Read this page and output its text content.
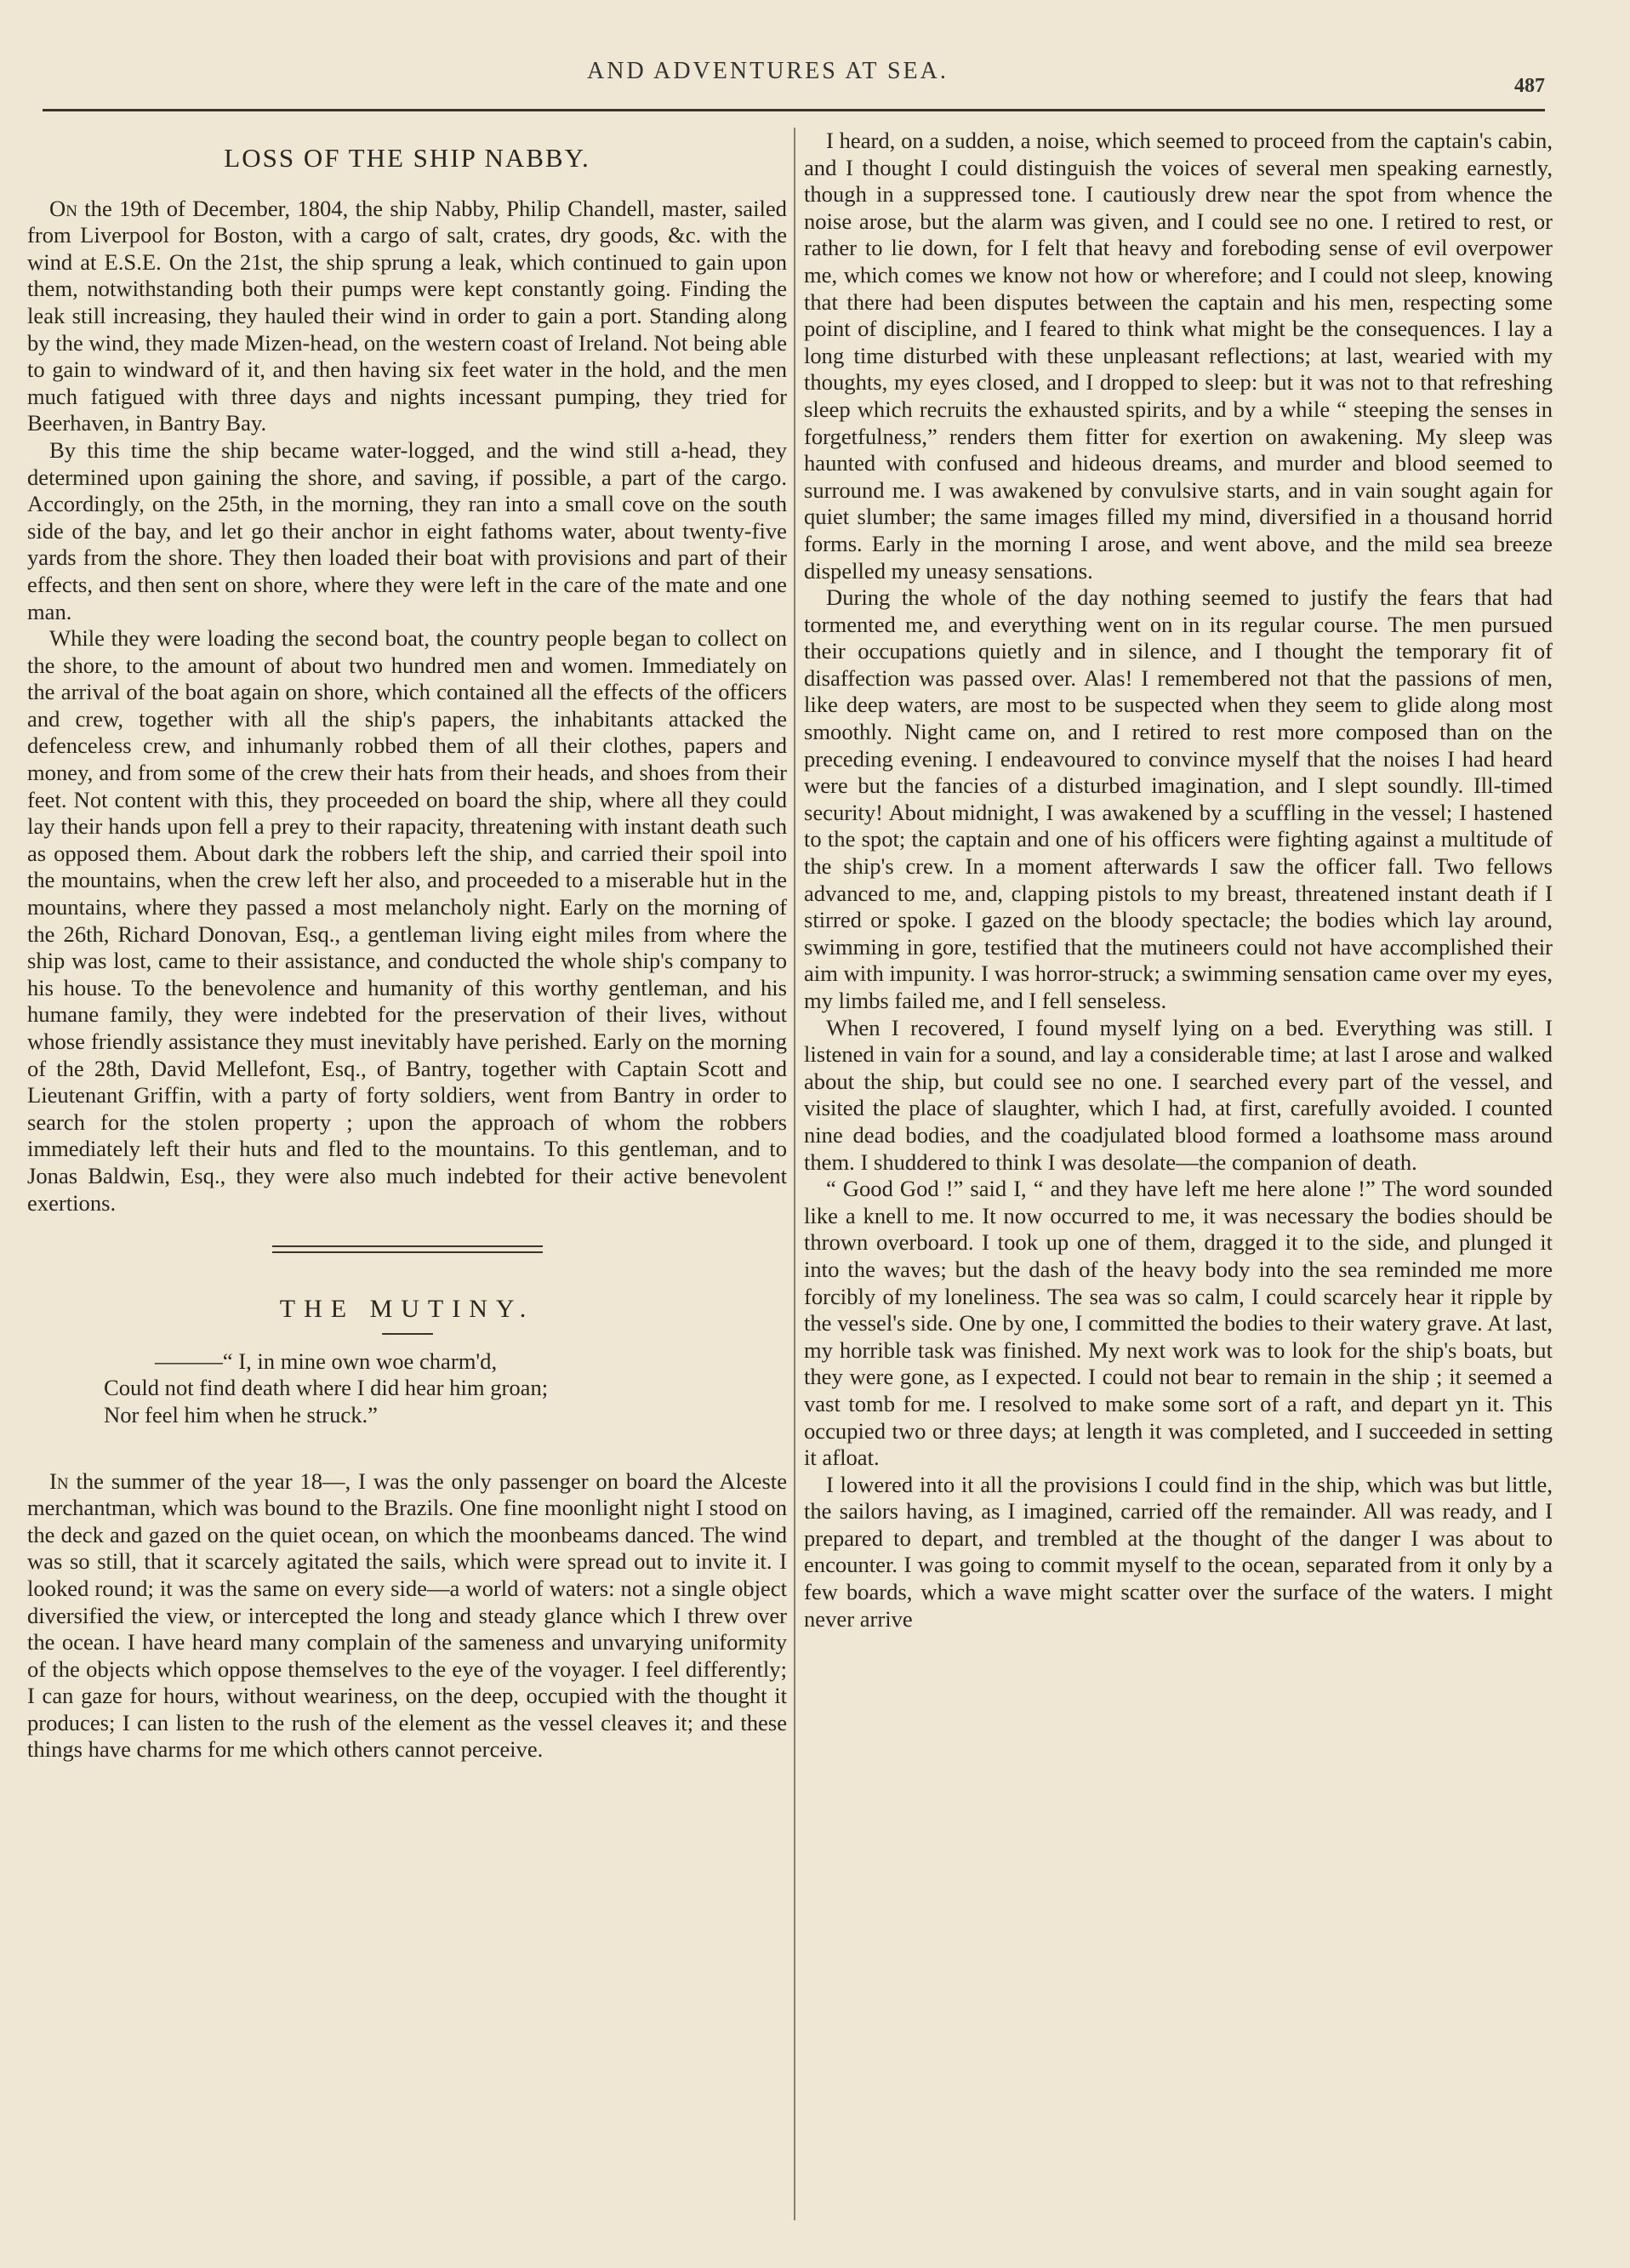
AND ADVENTURES AT SEA.
487
LOSS OF THE SHIP NABBY.

On the 19th of December, 1804, the ship Nabby, Philip Chandell, master, sailed from Liverpool for Boston, with a cargo of salt, crates, dry goods, &c. with the wind at E.S.E. On the 21st, the ship sprung a leak, which continued to gain upon them, notwithstanding both their pumps were kept constantly going. Finding the leak still increasing, they hauled their wind in order to gain a port. Standing along by the wind, they made Mizen-head, on the western coast of Ireland. Not being able to gain to windward of it, and then having six feet water in the hold, and the men much fatigued with three days and nights incessant pumping, they tried for Beerhaven, in Bantry Bay.

By this time the ship became water-logged, and the wind still a-head, they determined upon gaining the shore, and saving, if possible, a part of the cargo. Accordingly, on the 25th, in the morning, they ran into a small cove on the south side of the bay, and let go their anchor in eight fathoms water, about twenty-five yards from the shore. They then loaded their boat with provisions and part of their effects, and then sent on shore, where they were left in the care of the mate and one man.

While they were loading the second boat, the country people began to collect on the shore, to the amount of about two hundred men and women. Immediately on the arrival of the boat again on shore, which contained all the effects of the officers and crew, together with all the ship's papers, the inhabitants attacked the defenceless crew, and inhumanly robbed them of all their clothes, papers and money, and from some of the crew their hats from their heads, and shoes from their feet. Not content with this, they proceeded on board the ship, where all they could lay their hands upon fell a prey to their rapacity, threatening with instant death such as opposed them. About dark the robbers left the ship, and carried their spoil into the mountains, when the crew left her also, and proceeded to a miserable hut in the mountains, where they passed a most melancholy night. Early on the morning of the 26th, Richard Donovan, Esq., a gentleman living eight miles from where the ship was lost, came to their assistance, and conducted the whole ship's company to his house. To the benevolence and humanity of this worthy gentleman, and his humane family, they were indebted for the preservation of their lives, without whose friendly assistance they must inevitably have perished. Early on the morning of the 28th, David Mellefont, Esq., of Bantry, together with Captain Scott and Lieutenant Griffin, with a party of forty soldiers, went from Bantry in order to search for the stolen property ; upon the approach of whom the robbers immediately left their huts and fled to the mountains. To this gentleman, and to Jonas Baldwin, Esq., they were also much indebted for their active benevolent exertions.

THE MUTINY.
———“ I, in mine own woe charm'd,
Could not find death where I did hear him groan;
Nor feel him when he struck.”

In the summer of the year 18—, I was the only passenger on board the Alceste merchantman, which was bound to the Brazils. One fine moonlight night I stood on the deck and gazed on the quiet ocean, on which the moonbeams danced. The wind was so still, that it scarcely agitated the sails, which were spread out to invite it. I looked round; it was the same on every side—a world of waters: not a single object diversified the view, or intercepted the long and steady glance which I threw over the ocean. I have heard many complain of the sameness and unvarying uniformity of the objects which oppose themselves to the eye of the voyager. I feel differently; I can gaze for hours, without weariness, on the deep, occupied with the thought it produces; I can listen to the rush of the element as the vessel cleaves it; and these things have charms for me which others cannot perceive.

I heard, on a sudden, a noise, which seemed to proceed from the captain's cabin, and I thought I could distinguish the voices of several men speaking earnestly, though in a suppressed tone. I cautiously drew near the spot from whence the noise arose, but the alarm was given, and I could see no one. I retired to rest, or rather to lie down, for I felt that heavy and foreboding sense of evil overpower me, which comes we know not how or wherefore; and I could not sleep, knowing that there had been disputes between the captain and his men, respecting some point of discipline, and I feared to think what might be the consequences. I lay a long time disturbed with these unpleasant reflections; at last, wearied with my thoughts, my eyes closed, and I dropped to sleep: but it was not to that refreshing sleep which recruits the exhausted spirits, and by a while “ steeping the senses in forgetfulness,” renders them fitter for exertion on awakening. My sleep was haunted with confused and hideous dreams, and murder and blood seemed to surround me. I was awakened by convulsive starts, and in vain sought again for quiet slumber; the same images filled my mind, diversified in a thousand horrid forms. Early in the morning I arose, and went above, and the mild sea breeze dispelled my uneasy sensations.

During the whole of the day nothing seemed to justify the fears that had tormented me, and everything went on in its regular course. The men pursued their occupations quietly and in silence, and I thought the temporary fit of disaffection was passed over. Alas! I remembered not that the passions of men, like deep waters, are most to be suspected when they seem to glide along most smoothly. Night came on, and I retired to rest more composed than on the preceding evening. I endeavoured to convince myself that the noises I had heard were but the fancies of a disturbed imagination, and I slept soundly. Ill-timed security! About midnight, I was awakened by a scuffling in the vessel; I hastened to the spot; the captain and one of his officers were fighting against a multitude of the ship's crew. In a moment afterwards I saw the officer fall. Two fellows advanced to me, and, clapping pistols to my breast, threatened instant death if I stirred or spoke. I gazed on the bloody spectacle; the bodies which lay around, swimming in gore, testified that the mutineers could not have accomplished their aim with impunity. I was horror-struck; a swimming sensation came over my eyes, my limbs failed me, and I fell senseless.

When I recovered, I found myself lying on a bed. Everything was still. I listened in vain for a sound, and lay a considerable time; at last I arose and walked about the ship, but could see no one. I searched every part of the vessel, and visited the place of slaughter, which I had, at first, carefully avoided. I counted nine dead bodies, and the coadjulated blood formed a loathsome mass around them. I shuddered to think I was desolate—the companion of death.

“ Good God !” said I, “ and they have left me here alone !” The word sounded like a knell to me. It now occurred to me, it was necessary the bodies should be thrown overboard. I took up one of them, dragged it to the side, and plunged it into the waves; but the dash of the heavy body into the sea reminded me more forcibly of my loneliness. The sea was so calm, I could scarcely hear it ripple by the vessel's side. One by one, I committed the bodies to their watery grave. At last, my horrible task was finished. My next work was to look for the ship's boats, but they were gone, as I expected. I could not bear to remain in the ship ; it seemed a vast tomb for me. I resolved to make some sort of a raft, and depart yn it. This occupied two or three days; at length it was completed, and I succeeded in setting it afloat.

I lowered into it all the provisions I could find in the ship, which was but little, the sailors having, as I imagined, carried off the remainder. All was ready, and I prepared to depart, and trembled at the thought of the danger I was about to encounter. I was going to commit myself to the ocean, separated from it only by a few boards, which a wave might scatter over the surface of the waters. I might never arrive
